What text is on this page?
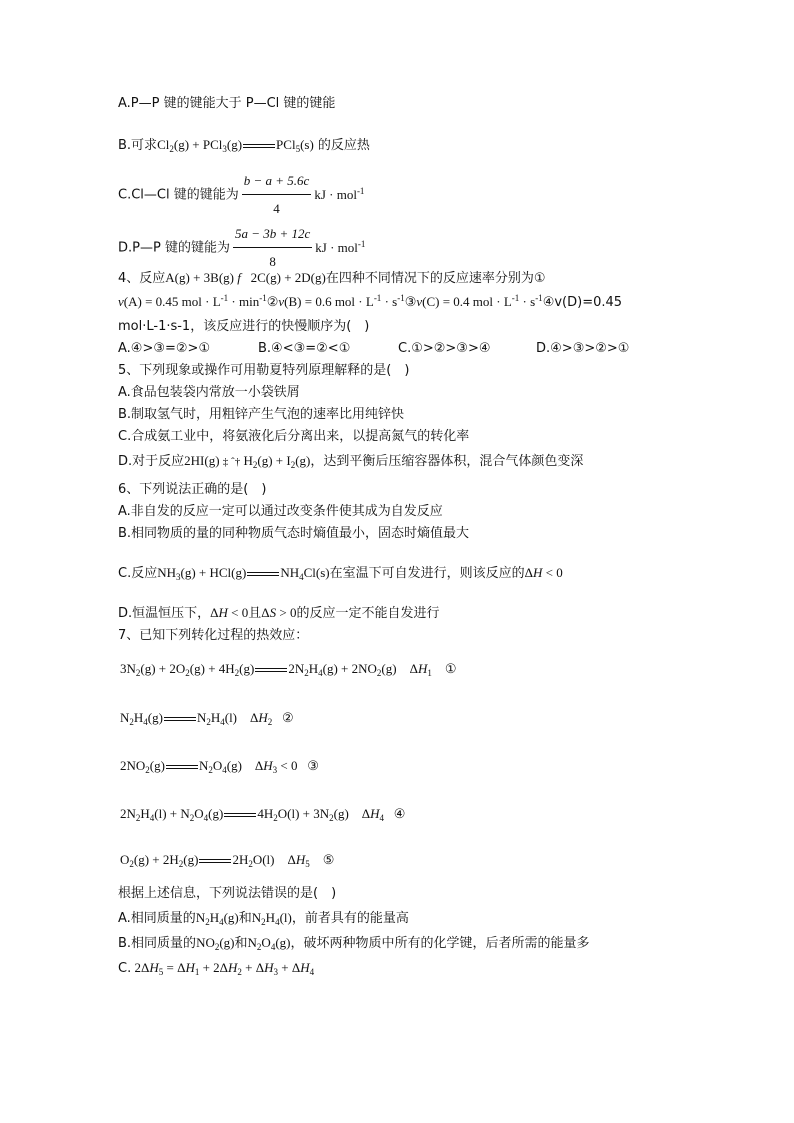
A.P—P 键的键能大于 P—Cl 键的键能
B.可求$Cl_2(g) + PCl_3(g)$	PCl$_5$(s) 的反应热
C.Cl—Cl 键的键能为 $\frac{b - a + 5.6c}{4}$ kJ · mol$^{-1}$
D.P—P 键的键能为 $\frac{5a - 3b + 12c}{8}$ kJ · mol$^{-1}$
4、反应A(g) + 3B(g) f   2C(g) + 2D(g)在四种不同情况下的反应速率分别为①
v(A) = 0.45 mol · $L^{-1}$ · $\min^{-1}②v(B) = 0.6$ mol · $L^{-1}$ · $s^{-1}③v(C) = 0.4$ mol · $L^{-1}$ · $s^{-1}④v(D)=0.45$
mol·L-1·s-1，该反应进行的快慢顺序为(　)
A.④>③=②>①	B.④<③=②<①	C.①>②>③>④	D.④>③>②>①
5、下列现象或操作可用勒夏特列原理解释的是(　)
A.食品包装袋内常放一小袋铁屑
B.制取氢气时，用粗锌产生气泡的速率比用纯锌快
C.合成氨工业中，将氨液化后分离出来，以提高氮气的转化率
D.对于反应2HI(g) ‡ ˆ† $H_2(g) + I_2(g)$，达到平衡后压缩容器体积，混合气体颜色变深
6、下列说法正确的是(　)
A.非自发的反应一定可以通过改变条件使其成为自发反应
B.相同物质的量的同种物质气态时熵值最小，固态时熵值最大
C.反应$NH_3(g) + HCl(g)$	$NH_4Cl(s)$在室温下可自发进行，则该反应的ΔH < 0
D.恒温恒压下，ΔH < 0且ΔS > 0的反应一定不能自发进行
7、已知下列转化过程的热效应：
$3N_2(g) + 2O_2(g) + 4H_2(g)$	$2N_2H_4(g) + 2NO_2(g)$    $\Delta H_1$ ①
$N_2H_4(g)$	$N_2H_4(l)$    $\Delta H_2$ ②
$2NO_2(g)$	$N_2O_4(g)$    $\Delta H_3 < 0$   ③
$2N_2H_4(l) + N_2O_4(g)$	$4H_2O(l) + 3N_2(g)$    $\Delta H_4$ ④
$O_2(g) + 2H_2(g)$	$2H_2O(l)$    $\Delta H_5$ ⑤
根据上述信息，下列说法错误的是(　)
A.相同质量的$N_2H_4(g)$和$N_2H_4(l)$，前者具有的能量高
B.相同质量的$NO_2(g)$和$N_2O_4(g)$，破坏两种物质中所有的化学键，后者所需的能量多
C. $2\Delta H_5 = \Delta H_1 + 2\Delta H_2 + \Delta H_3 + \Delta H_4$
